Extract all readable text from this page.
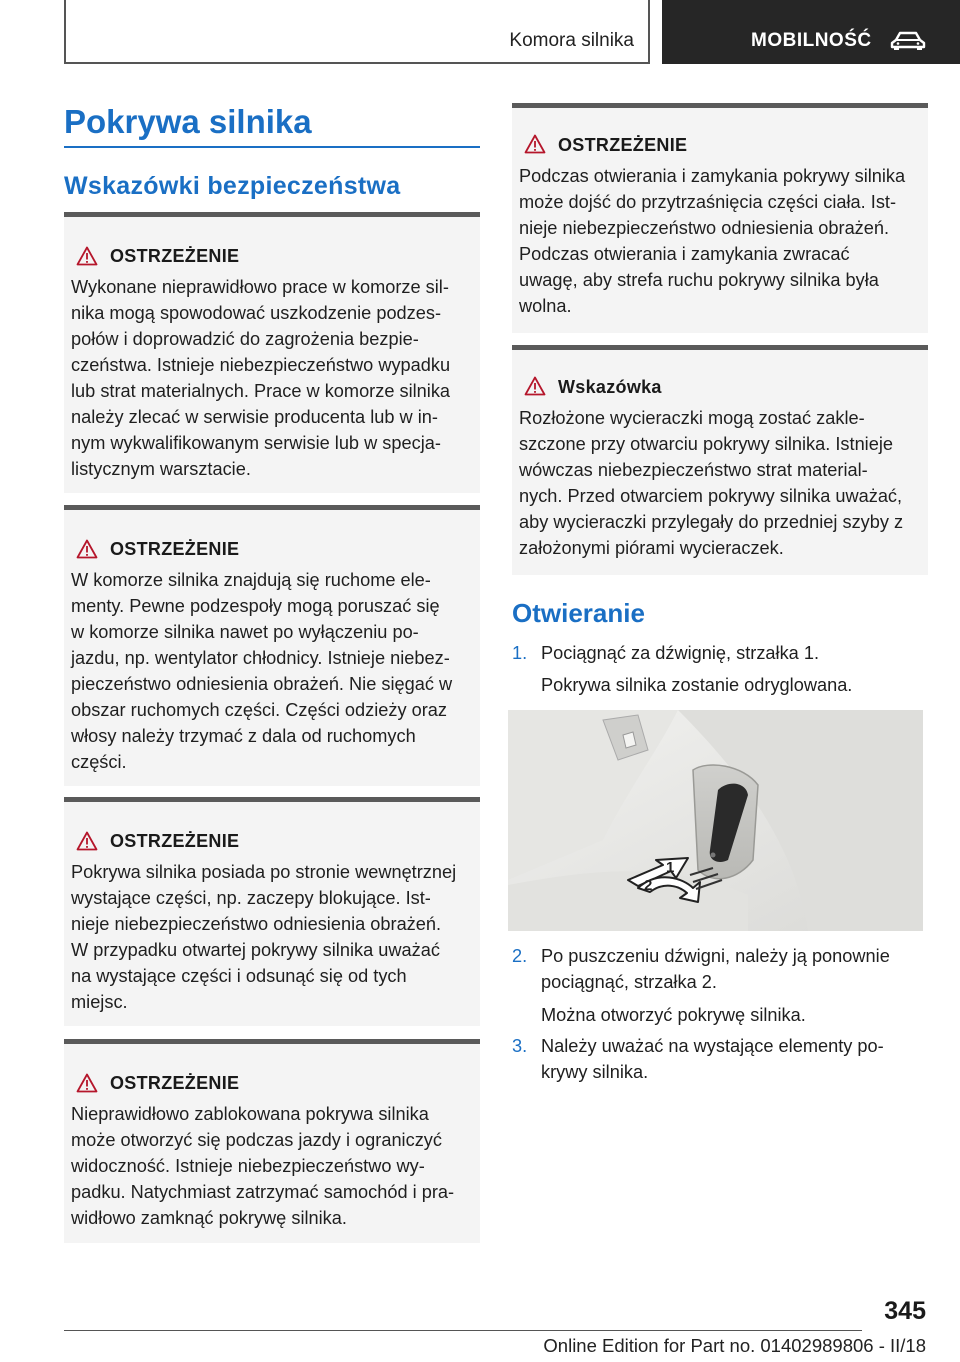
Komora silnika	MOBILNOŚĆ
Pokrywa silnika
Wskazówki bezpieczeństwa
OSTRZEŻENIE
Wykonane nieprawidłowo prace w komorze sil-
nika mogą spowodować uszkodzenie podzes-
połów i doprowadzić do zagrożenia bezpie-
czeństwa. Istnieje niebezpieczeństwo wypadku
lub strat materialnych. Prace w komorze silnika
należy zlecać w serwisie producenta lub w in-
nym wykwalifikowanym serwisie lub w specja-
listycznym warsztacie.
OSTRZEŻENIE
W komorze silnika znajdują się ruchome ele-
menty. Pewne podzespoły mogą poruszać się
w komorze silnika nawet po wyłączeniu po-
jazdu, np. wentylator chłodnicy. Istnieje niebez-
pieczeństwo odniesienia obrażeń. Nie sięgać w
obszar ruchomych części. Części odzieży oraz
włosy należy trzymać z dala od ruchomych
części.
OSTRZEŻENIE
Pokrywa silnika posiada po stronie wewnętrznej
wystające części, np. zaczepy blokujące. Ist-
nieje niebezpieczeństwo odniesienia obrażeń.
W przypadku otwartej pokrywy silnika uważać
na wystające części i odsunąć się od tych
miejsc.
OSTRZEŻENIE
Nieprawidłowo zablokowana pokrywa silnika
może otworzyć się podczas jazdy i ograniczyć
widoczność. Istnieje niebezpieczeństwo wy-
padku. Natychmiast zatrzymać samochód i pra-
widłowo zamknąć pokrywę silnika.
OSTRZEŻENIE
Podczas otwierania i zamykania pokrywy silnika
może dojść do przytrzaśnięcia części ciała. Ist-
nieje niebezpieczeństwo odniesienia obrażeń.
Podczas otwierania i zamykania zwracać
uwagę, aby strefa ruchu pokrywy silnika była
wolna.
Wskazówka
Rozłożone wycieraczki mogą zostać zakle-
szczone przy otwarciu pokrywy silnika. Istnieje
wówczas niebezpieczeństwo strat material-
nych. Przed otwarciem pokrywy silnika uważać,
aby wycieraczki przylegały do przedniej szyby z
założonymi piórami wycieraczek.
Otwieranie
1. Pociągnąć za dźwignię, strzałka 1.
Pokrywa silnika zostanie odryglowana.
1
2
2. Po puszczeniu dźwigni, należy ją ponownie
pociągnąć, strzałka 2.
Można otworzyć pokrywę silnika.
3. Należy uważać na wystające elementy po-
krywy silnika.
345
Online Edition for Part no. 01402989806 - II/18
